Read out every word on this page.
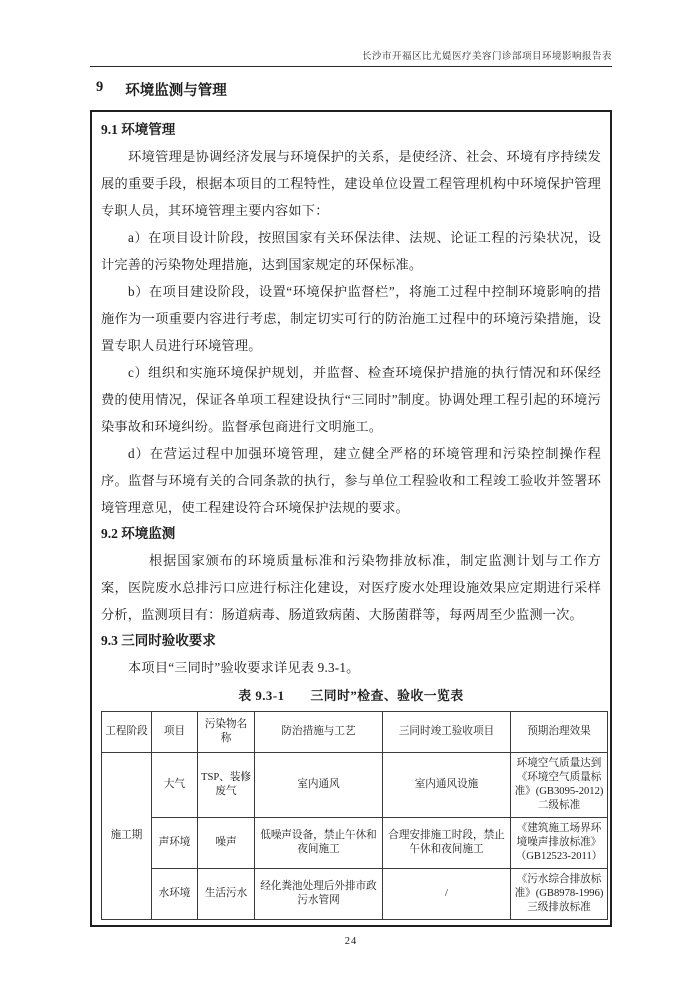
长沙市开福区比尤媞医疗美容门诊部项目环境影响报告表
9 环境监测与管理
9.1 环境管理

环境管理是协调经济发展与环境保护的关系，是使经济、社会、环境有序持续发展的重要手段，根据本项目的工程特性，建设单位设置工程管理机构中环境保护管理专职人员，其环境管理主要内容如下：

a）在项目设计阶段，按照国家有关环保法律、法规、论证工程的污染状况，设计完善的污染物处理措施，达到国家规定的环保标准。

b）在项目建设阶段，设置“环境保护监督栏”，将施工过程中控制环境影响的措施作为一项重要内容进行考虑，制定切实可行的防治施工过程中的环境污染措施，设置专职人员进行环境管理。

c）组织和实施环境保护规划，并监督、检查环境保护措施的执行情况和环保经费的使用情况，保证各单项工程建设执行“三同时”制度。协调处理工程引起的环境污染事故和环境纠纷。监督承包商进行文明施工。

d）在营运过程中加强环境管理，建立健全严格的环境管理和污染控制操作程序。监督与环境有关的合同条款的执行，参与单位工程验收和工程竣工验收并签署环境管理意见，使工程建设符合环境保护法规的要求。

9.2 环境监测

根据国家颁布的环境质量标准和污染物排放标准，制定监测计划与工作方案，医院废水总排污口应进行标注化建设，对医疗废水处理设施效果应定期进行采样分析，监测项目有：肠道病毒、肠道致病菌、大肠菌群等，每两周至少监测一次。

9.3 三同时验收要求

本项目“三同时”验收要求详见表 9.3-1。

表 9.3-1 三同时”检查、验收一览表
工程阶段	项目	污染物名称	防治措施与工艺	三同时竣工验收项目	预期治理效果
施工期	大气	TSP、装修废气	室内通风	室内通风设施	环境空气质量达到《环境空气质量标准》(GB3095-2012)二级标准
	声环境	噪声	低噪声设备，禁止午休和夜间施工	合理安排施工时段，禁止午休和夜间施工	《建筑施工场界环境噪声排放标准》（GB12523-2011）
	水环境	生活污水	经化粪池处理后外排市政污水管网	/	《污水综合排放标准》(GB8978-1996)三级排放标准
24
